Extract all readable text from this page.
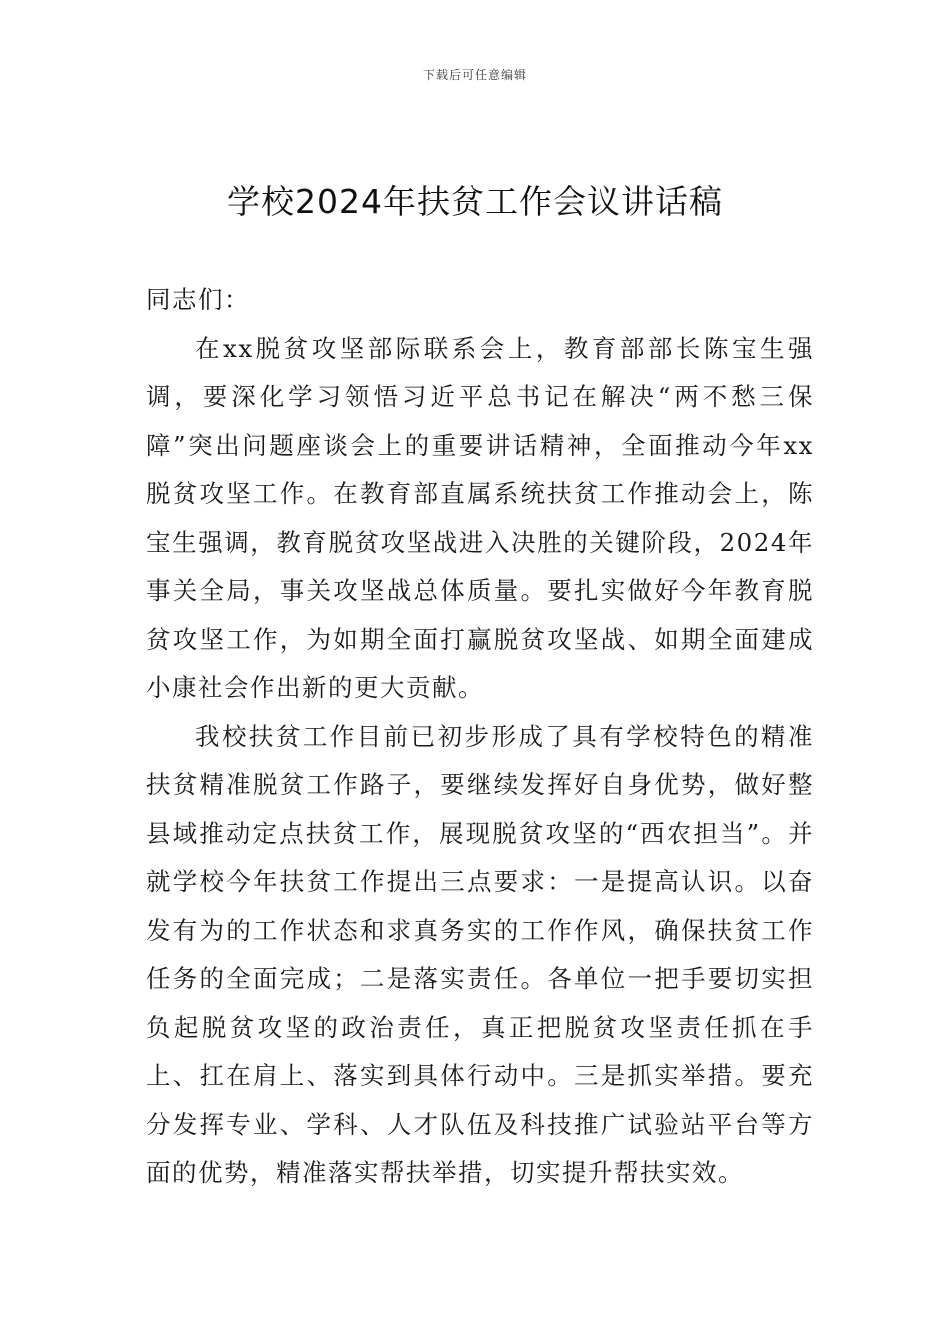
下载后可任意编辑
学校2024年扶贫工作会议讲话稿

同志们：

在xx脱贫攻坚部际联系会上，教育部部长陈宝生强调，要深化学习领悟习近平总书记在解决“两不愁三保障”突出问题座谈会上的重要讲话精神，全面推动今年xx脱贫攻坚工作。在教育部直属系统扶贫工作推动会上，陈宝生强调，教育脱贫攻坚战进入决胜的关键阶段，2024年事关全局，事关攻坚战总体质量。要扎实做好今年教育脱贫攻坚工作，为如期全面打赢脱贫攻坚战、如期全面建成小康社会作出新的更大贡献。

我校扶贫工作目前已初步形成了具有学校特色的精准扶贫精准脱贫工作路子，要继续发挥好自身优势，做好整县域推动定点扶贫工作，展现脱贫攻坚的“西农担当”。并就学校今年扶贫工作提出三点要求：一是提高认识。以奋发有为的工作状态和求真务实的工作作风，确保扶贫工作任务的全面完成；二是落实责任。各单位一把手要切实担负起脱贫攻坚的政治责任，真正把脱贫攻坚责任抓在手上、扛在肩上、落实到具体行动中。三是抓实举措。要充分发挥专业、学科、人才队伍及科技推广试验站平台等方面的优势，精准落实帮扶举措，切实提升帮扶实效。
